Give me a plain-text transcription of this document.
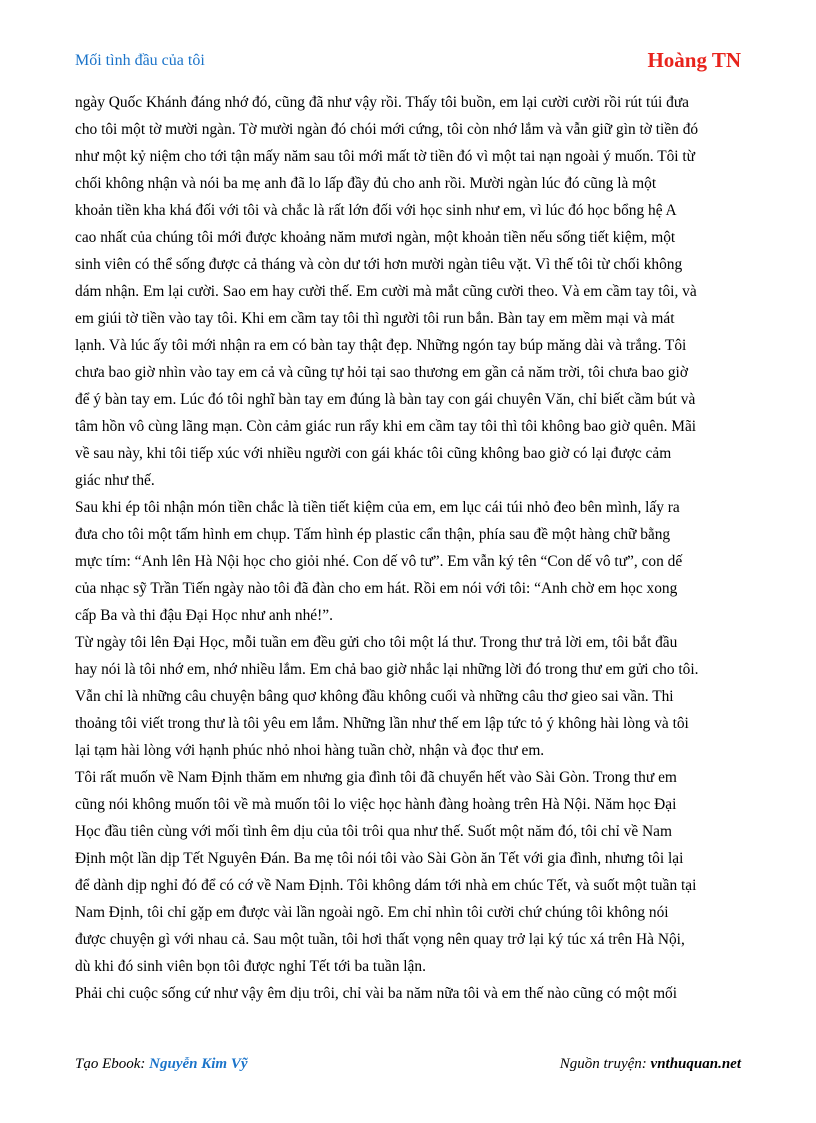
Mối tình đầu của tôi	Hoàng TN
ngày Quốc Khánh đáng nhớ đó, cũng đã như vậy rồi. Thấy tôi buồn, em lại cười cười rồi rút túi đưa
cho tôi một tờ mười ngàn. Tờ mười ngàn đó chói mới cứng, tôi còn nhớ lắm và vẫn giữ gìn tờ tiền đó
như một kỷ niệm cho tới tận mấy năm sau tôi mới mất tờ tiền đó vì một tai nạn ngoài ý muốn. Tôi từ
chối không nhận và nói ba mẹ anh đã lo lấp đầy đủ cho anh rồi. Mười ngàn lúc đó cũng là một
khoản tiền kha khá đối với tôi và chắc là rất lớn đối với học sinh như em, vì lúc đó học bổng hệ A
cao nhất của chúng tôi mới được khoảng năm mươi ngàn, một khoản tiền nếu sống tiết kiệm, một
sinh viên có thể sống được cả tháng và còn dư tới hơn mười ngàn tiêu vặt. Vì thế tôi từ chối không
dám nhận. Em lại cười. Sao em hay cười thế. Em cười mà mắt cũng cười theo. Và em cầm tay tôi, và
em giúi tờ tiền vào tay tôi. Khi em cầm tay tôi thì người tôi run bắn. Bàn tay em mềm mại và mát
lạnh. Và lúc ấy tôi mới nhận ra em có bàn tay thật đẹp. Những ngón tay búp măng dài và trắng. Tôi
chưa bao giờ nhìn vào tay em cả và cũng tự hỏi tại sao thương em gần cả năm trời, tôi chưa bao giờ
để ý bàn tay em. Lúc đó tôi nghĩ bàn tay em đúng là bàn tay con gái chuyên Văn, chỉ biết cầm bút và
tâm hồn vô cùng lãng mạn. Còn cảm giác run rẩy khi em cầm tay tôi thì tôi không bao giờ quên. Mãi
về sau này, khi tôi tiếp xúc với nhiều người con gái khác tôi cũng không bao giờ có lại được cảm
giác như thế.
Sau khi ép tôi nhận món tiền chắc là tiền tiết kiệm của em, em lục cái túi nhỏ đeo bên mình, lấy ra
đưa cho tôi một tấm hình em chụp. Tấm hình ép plastic cẩn thận, phía sau đề một hàng chữ bằng
mực tím: “Anh lên Hà Nội học cho giỏi nhé. Con dế vô tư”. Em vẫn ký tên “Con dế vô tư”, con dế
của nhạc sỹ Trần Tiến ngày nào tôi đã đàn cho em hát. Rồi em nói với tôi: “Anh chờ em học xong
cấp Ba và thi đậu Đại Học như anh nhé!”.
Từ ngày tôi lên Đại Học, mỗi tuần em đều gửi cho tôi một lá thư. Trong thư trả lời em, tôi bắt đầu
hay nói là tôi nhớ em, nhớ nhiều lắm. Em chả bao giờ nhắc lại những lời đó trong thư em gửi cho tôi.
Vẫn chỉ là những câu chuyện bâng quơ không đầu không cuối và những câu thơ gieo sai vần. Thi
thoảng tôi viết trong thư là tôi yêu em lắm. Những lần như thế em lập tức tỏ ý không hài lòng và tôi
lại tạm hài lòng với hạnh phúc nhỏ nhoi hàng tuần chờ, nhận và đọc thư em.
Tôi rất muốn về Nam Định thăm em nhưng gia đình tôi đã chuyển hết vào Sài Gòn. Trong thư em
cũng nói không muốn tôi về mà muốn tôi lo việc học hành đàng hoàng trên Hà Nội. Năm học Đại
Học đầu tiên cùng với mối tình êm dịu của tôi trôi qua như thế. Suốt một năm đó, tôi chỉ về Nam
Định một lần dịp Tết Nguyên Đán. Ba mẹ tôi nói tôi vào Sài Gòn ăn Tết với gia đình, nhưng tôi lại
để dành dịp nghỉ đó để có cớ về Nam Định. Tôi không dám tới nhà em chúc Tết, và suốt một tuần tại
Nam Định, tôi chỉ gặp em được vài lần ngoài ngõ. Em chỉ nhìn tôi cười chứ chúng tôi không nói
được chuyện gì với nhau cả. Sau một tuần, tôi hơi thất vọng nên quay trở lại ký túc xá trên Hà Nội,
dù khi đó sinh viên bọn tôi được nghỉ Tết tới ba tuần lận.
Phải chi cuộc sống cứ như vậy êm dịu trôi, chỉ vài ba năm nữa tôi và em thế nào cũng có một mối
Tạo Ebook: Nguyễn Kim Vỹ	Nguồn truyện: vnthuquan.net
